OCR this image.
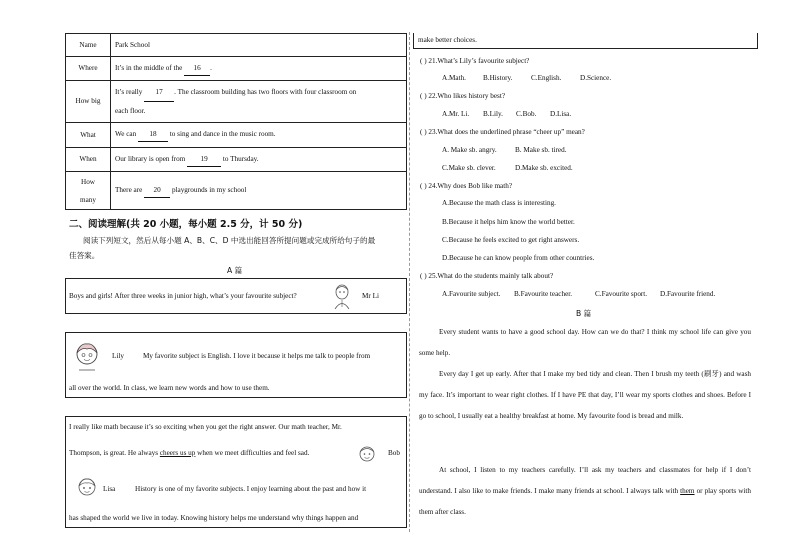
Name	Park School
Where	It’s in the middle of the 16 .
How big	It’s really 17 . The classroom building has two floors with four classroom on
each floor.
What	We can 18 to sing and dance in the music room.
When	Our library is open from 19 to Thursday.
How
many	There are 20 playgrounds in my school
二、阅读理解(共 20 小题，每小题 2.5 分，计 50 分)
阅读下列短文，然后从每小题 A、B、C、D 中选出能回答所提问题或完成所给句子的最
佳答案。
A 篇
Boys and girls! After three weeks in junior high, what’s your favourite subject?	Mr Li
Lily	My favorite subject is English. I love it because it helps me talk to people from
all over the world. In class, we learn new words and how to use them.
I really like math because it’s so exciting when you get the right answer. Our math teacher, Mr.
Thompson, is great. He always cheers us up when we meet difficulties and feel sad.	Bob
Lisa	History is one of my favorite subjects. I enjoy learning about the past and how it
has shaped the world we live in today. Knowing history helps me understand why things happen and
make better choices.
( ) 21.What’s Lily’s favourite subject?
A.Math. B.History.	C.English.	D.Science.
( ) 22.Who likes history best?
A.Mr. Li. B.Lily. C.Bob. D.Lisa.
( ) 23.What does the underlined phrase “cheer up” mean?
A. Make sb. angry.	B. Make sb. tired.
C.Make sb. clever.	D.Make sb. excited.
( ) 24.Why does Bob like math?
A.Because the math class is interesting.
B.Because it helps him know the world better.
C.Because he feels excited to get right answers.
D.Because he can know people from other countries.
( ) 25.What do the students mainly talk about?
A.Favourite subject. B.Favourite teacher.	C.Favourite sport. D.Favourite friend.
B 篇
Every student wants to have a good school day. How can we do that? I think my school life can give you some help.
Every day I get up early. After that I make my bed tidy and clean. Then I brush my teeth (刷牙) and wash my face. It’s important to wear right clothes. If I have PE that day, I’ll wear my sports clothes and shoes. Before I go to school, I usually eat a healthy breakfast at home. My favourite food is bread and milk.
At school, I listen to my teachers carefully. I’ll ask my teachers and classmates for help if I don’t understand. I also like to make friends. I make many friends at school. I always talk with them or play sports with them after class.
